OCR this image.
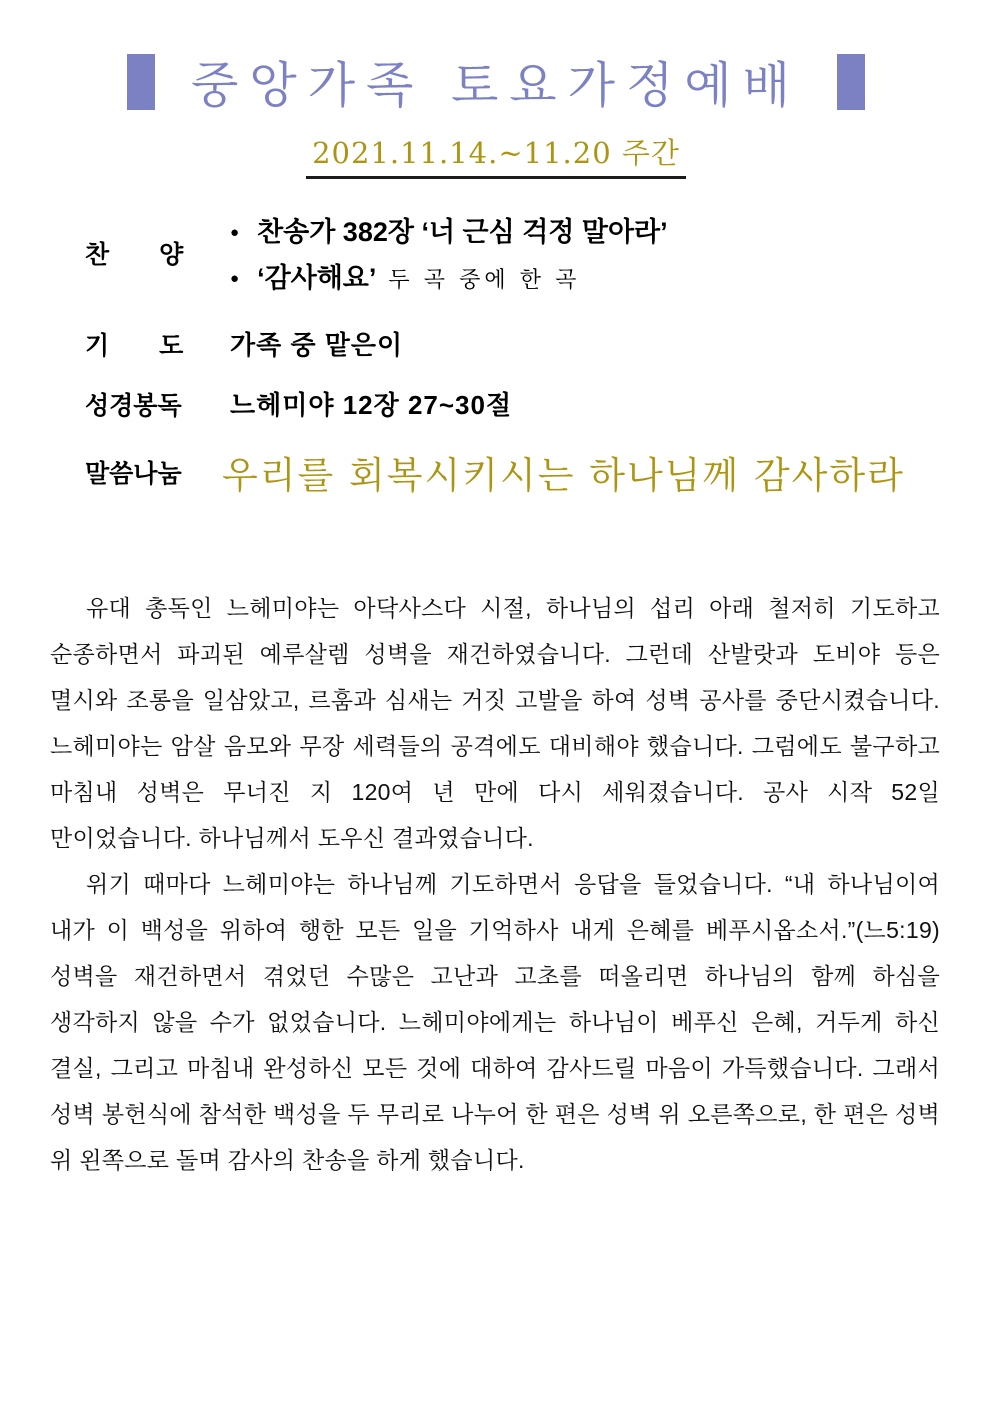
중앙가족 토요가정예배
2021.11.14.~11.20 주간
찬　　양
● 찬송가 382장 ‘너 근심 걱정 말아라’
● ‘감사해요’ 두 곡 중에 한 곡
기　　도 가족 중 맡은이
성경봉독 느헤미야 12장 27~30절
말씀나눔 우리를 회복시키시는 하나님께 감사하라

유대 총독인 느헤미야는 아닥사스다 시절, 하나님의 섭리 아래 철저히 기도하고 순종하면서 파괴된 예루살렘 성벽을 재건하였습니다. 그런데 산발랏과 도비야 등은 멸시와 조롱을 일삼았고, 르훔과 심새는 거짓 고발을 하여 성벽 공사를 중단시켰습니다. 느헤미야는 암살 음모와 무장 세력들의 공격에도 대비해야 했습니다. 그럼에도 불구하고 마침내 성벽은 무너진 지 120여 년 만에 다시 세워졌습니다. 공사 시작 52일 만이었습니다. 하나님께서 도우신 결과였습니다.

위기 때마다 느헤미야는 하나님께 기도하면서 응답을 들었습니다. “내 하나님이여 내가 이 백성을 위하여 행한 모든 일을 기억하사 내게 은혜를 베푸시옵소서.”(느5:19) 성벽을 재건하면서 겪었던 수많은 고난과 고초를 떠올리면 하나님의 함께 하심을 생각하지 않을 수가 없었습니다. 느헤미야에게는 하나님이 베푸신 은혜, 거두게 하신 결실, 그리고 마침내 완성하신 모든 것에 대하여 감사드릴 마음이 가득했습니다. 그래서 성벽 봉헌식에 참석한 백성을 두 무리로 나누어 한 편은 성벽 위 오른쪽으로, 한 편은 성벽 위 왼쪽으로 돌며 감사의 찬송을 하게 했습니다.
